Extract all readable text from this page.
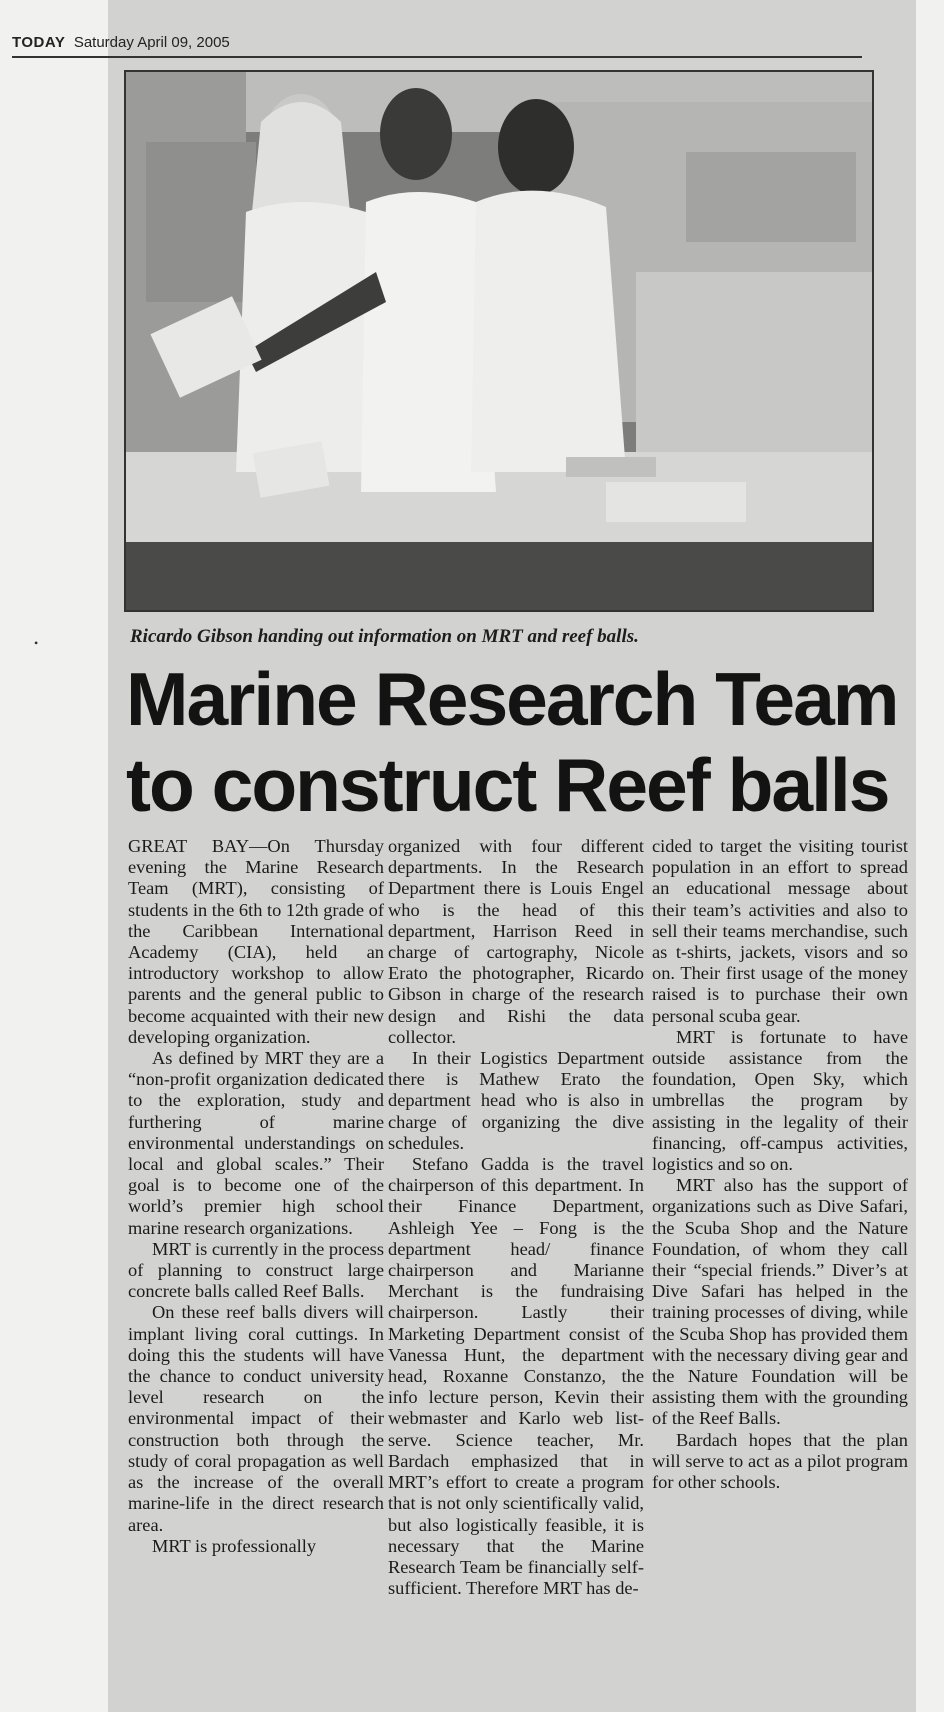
TODAY Saturday April 09, 2005
•	Ricardo Gibson handing out information on MRT and reef balls.
Marine Research Team
to construct Reef balls

GREAT BAY—On Thursday evening the Marine Research Team (MRT), consisting of students in the 6th to 12th grade of the Caribbean International Academy (CIA), held an introductory workshop to allow parents and the general public to become acquainted with their new developing organization.

As defined by MRT they are a “non-profit organization dedicated to the exploration, study and furthering of marine environmental understandings on local and global scales.” Their goal is to become one of the world’s premier high school marine research organizations.

MRT is currently in the process of planning to construct large concrete balls called Reef Balls.

On these reef balls divers will implant living coral cuttings. In doing this the students will have the chance to conduct university level research on the environmental impact of their construction both through the study of coral propagation as well as the increase of the overall marine-life in the direct research area.

MRT is professionally

organized with four different departments. In the Research Department there is Louis Engel who is the head of this department, Harrison Reed in charge of cartography, Nicole Erato the photographer, Ricardo Gibson in charge of the research design and Rishi the data collector.

In their Logistics Department there is Mathew Erato the department head who is also in charge of organizing the dive schedules.

Stefano Gadda is the travel chairperson of this department. In their Finance Department, Ashleigh Yee – Fong is the department head/ finance chairperson and Marianne Merchant is the fundraising chairperson. Lastly their Marketing Department consist of Vanessa Hunt, the department head, Roxanne Constanzo, the info lecture person, Kevin their webmaster and Karlo web list-serve. Science teacher, Mr. Bardach emphasized that in MRT’s effort to create a program that is not only scientifically valid, but also logistically feasible, it is necessary that the Marine Research Team be financially self-sufficient. Therefore MRT has de-

cided to target the visiting tourist population in an effort to spread an educational message about their team’s activities and also to sell their teams merchandise, such as t-shirts, jackets, visors and so on. Their first usage of the money raised is to purchase their own personal scuba gear.

MRT is fortunate to have outside assistance from the foundation, Open Sky, which umbrellas the program by assisting in the legality of their financing, off-campus activities, logistics and so on.

MRT also has the support of organizations such as Dive Safari, the Scuba Shop and the Nature Foundation, of whom they call their “special friends.” Diver’s at Dive Safari has helped in the training processes of diving, while the Scuba Shop has provided them with the necessary diving gear and the Nature Foundation will be assisting them with the grounding of the Reef Balls.

Bardach hopes that the plan will serve to act as a pilot program for other schools.
